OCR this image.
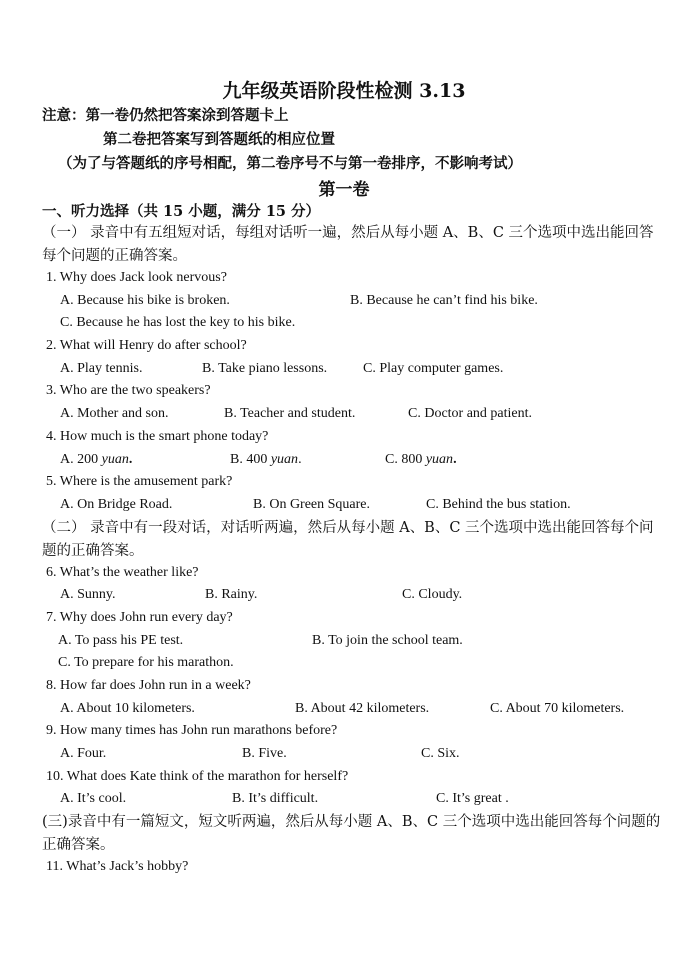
九年级英语阶段性检测 3.13
注意：第一卷仍然把答案涂到答题卡上
第二卷把答案写到答题纸的相应位置
（为了与答题纸的序号相配，第二卷序号不与第一卷排序，不影响考试）
第一卷
一、听力选择（共 15 小题，满分 15 分）
（一） 录音中有五组短对话，每组对话听一遍，然后从每小题 A、B、C 三个选项中选出能回答每个问题的正确答案。
1. Why does Jack look nervous?
A. Because his bike is broken.	B. Because he can’t find his bike.
C. Because he has lost the key to his bike.
2. What will Henry do after school?
A. Play tennis.	B. Take piano lessons.	C. Play computer games.
3. Who are the two speakers?
A. Mother and son.	B. Teacher and student.	C. Doctor and patient.
4. How much is the smart phone today?
A. 200 yuan.	B. 400 yuan.	C. 800 yuan.
5. Where is the amusement park?
A. On Bridge Road.	B. On Green Square.	C. Behind the bus station.
（二） 录音中有一段对话，对话听两遍，然后从每小题 A、B、C 三个选项中选出能回答每个问题的正确答案。
6. What’s the weather like?
A. Sunny.	B. Rainy.	C. Cloudy.
7. Why does John run every day?
A. To pass his PE test.	B. To join the school team.
C. To prepare for his marathon.
8. How far does John run in a week?
A. About 10 kilometers.	B. About 42 kilometers.	C. About 70 kilometers.
9. How many times has John run marathons before?
A. Four.	B. Five.	C. Six.
10. What does Kate think of the marathon for herself?
A. It’s cool.	B. It’s difficult.	C. It’s great .
(三)录音中有一篇短文，短文听两遍，然后从每小题 A、B、C 三个选项中选出能回答每个问题的正确答案。
11. What’s Jack’s hobby?
